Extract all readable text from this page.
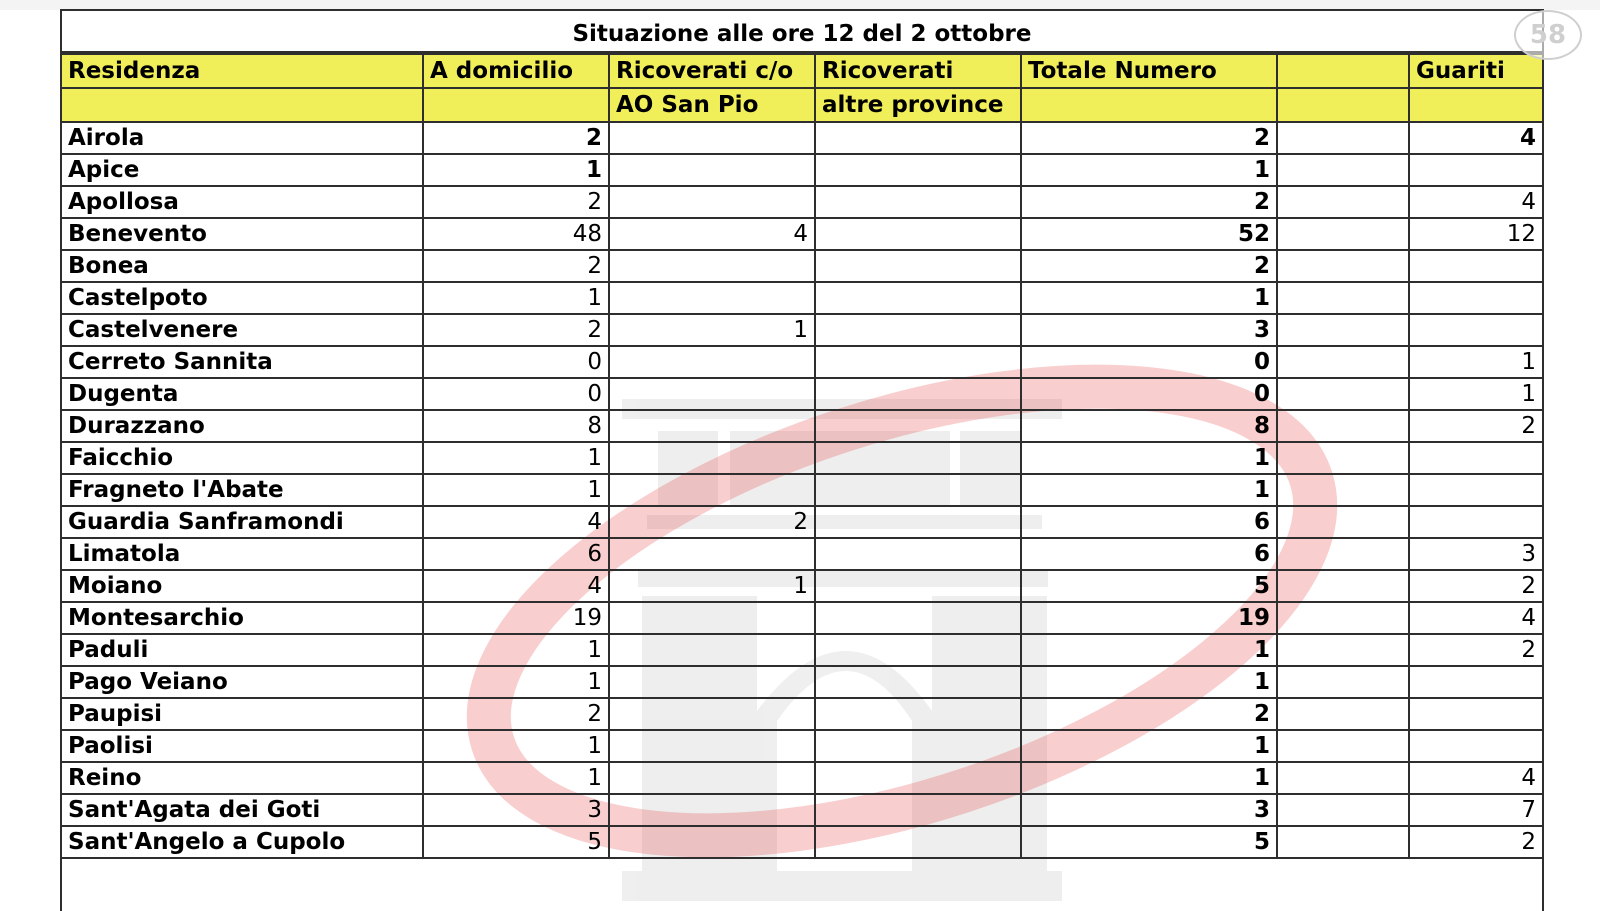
Situazione alle ore 12 del 2 ottobre
Residenza	A domicilio	Ricoverati c/o	Ricoverati	Totale Numero		Guariti
		AO San Pio	altre province			
Airola	2			2		4
Apice	1			1		
Apollosa	2			2		4
Benevento	48	4		52		12
Bonea	2			2		
Castelpoto	1			1		
Castelvenere	2	1		3		
Cerreto Sannita	0			0		1
Dugenta	0			0		1
Durazzano	8			8		2
Faicchio	1			1		
Fragneto l'Abate	1			1		
Guardia Sanframondi	4	2		6		
Limatola	6			6		3
Moiano	4	1		5		2
Montesarchio	19			19		4
Paduli	1			1		2
Pago Veiano	1			1		
Paupisi	2			2		
Paolisi	1			1		
Reino	1			1		4
Sant'Agata dei Goti	3			3		7
Sant'Angelo a Cupolo	5			5		2
58
